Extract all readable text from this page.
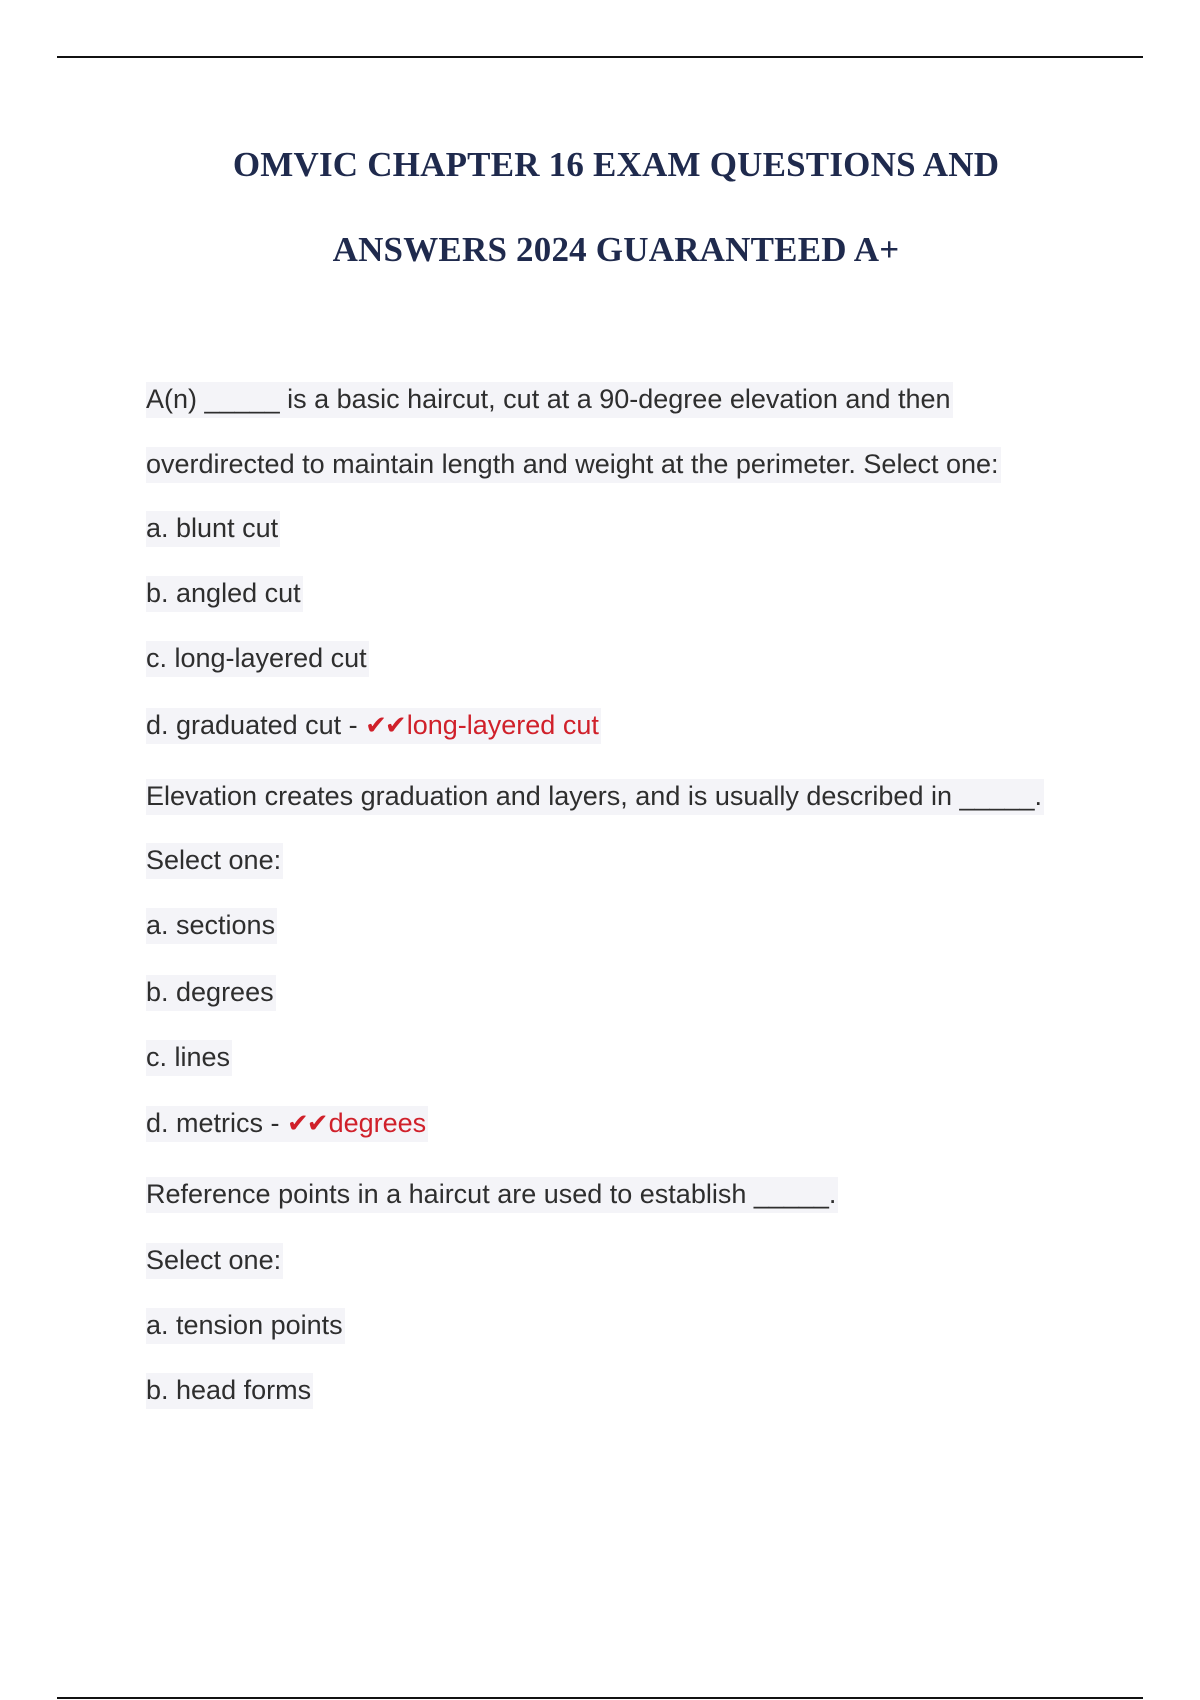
OMVIC CHAPTER 16 EXAM QUESTIONS AND
ANSWERS 2024 GUARANTEED A+
A(n) _____ is a basic haircut, cut at a 90-degree elevation and then
overdirected to maintain length and weight at the perimeter. Select one:
a. blunt cut
b. angled cut
c. long-layered cut
d. graduated cut - ✔✔long-layered cut
Elevation creates graduation and layers, and is usually described in _____.
Select one:
a. sections
b. degrees
c. lines
d. metrics - ✔✔degrees
Reference points in a haircut are used to establish _____.
Select one:
a. tension points
b. head forms
